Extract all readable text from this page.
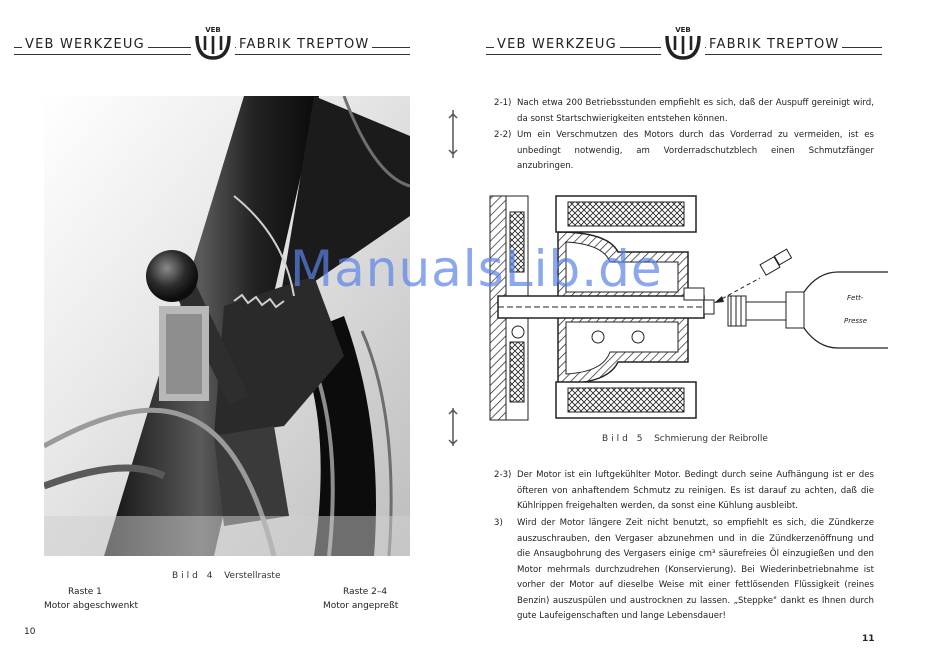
VEB WERKZEUG	FABRIK TREPTOW
VEB
VEB WERKZEUG	FABRIK TREPTOW
VEB
Bild 4 Verstellraste
Raste 1
Motor abgeschwenkt
Raste 2–4
Motor angepreßt
10
2-1) Nach etwa 200 Betriebsstunden empfiehlt es sich, daß der Auspuff gereinigt wird, da sonst Startschwierigkeiten entstehen können.
2-2) Um ein Verschmutzen des Motors durch das Vorderrad zu vermeiden, ist es unbedingt notwendig, am Vorderradschutzblech einen Schmutzfänger anzubringen.
Fett-
Presse
Bild 5 Schmierung der Reibrolle
2-3) Der Motor ist ein luftgekühlter Motor. Bedingt durch seine Aufhängung ist er des öfteren von anhaftendem Schmutz zu reinigen. Es ist darauf zu achten, daß die Kühlrippen freigehalten werden, da sonst eine Kühlung ausbleibt.
3) Wird der Motor längere Zeit nicht benutzt, so empfiehlt es sich, die Zündkerze auszuschrauben, den Vergaser abzunehmen und in die Zündkerzenöffnung und die Ansaugbohrung des Vergasers einige cm³ säurefreies Öl einzugießen und den Motor mehrmals durchzudrehen (Konservierung). Bei Wiederinbetriebnahme ist vorher der Motor auf dieselbe Weise mit einer fettlösenden Flüssigkeit (reines Benzin) auszuspülen und austrocknen zu lassen. „Steppke" dankt es Ihnen durch gute Laufeigenschaften und lange Lebensdauer!
11
ManualsLib.de
